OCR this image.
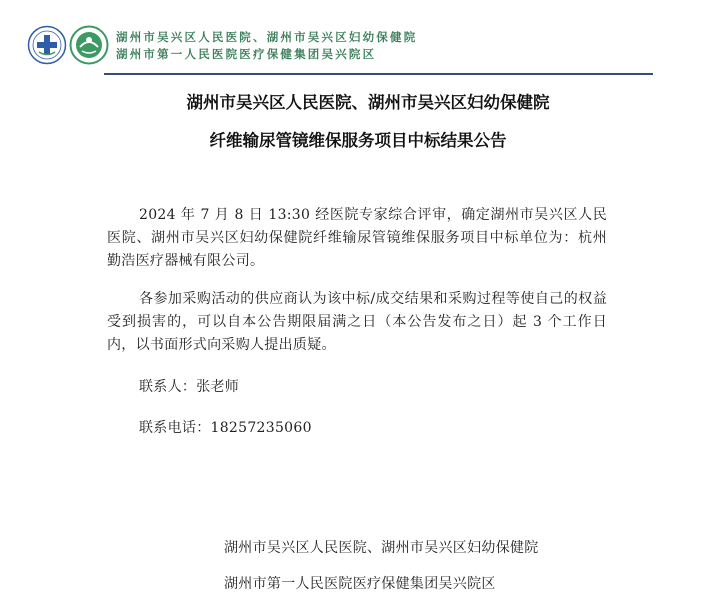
湖州市吴兴区人民医院、湖州市吴兴区妇幼保健院
湖州市第一人民医院医疗保健集团吴兴院区
湖州市吴兴区人民医院、湖州市吴兴区妇幼保健院
纤维输尿管镜维保服务项目中标结果公告
2024 年 7 月 8 日 13:30 经医院专家综合评审，确定湖州市吴兴区人民医院、湖州市吴兴区妇幼保健院纤维输尿管镜维保服务项目中标单位为：杭州勤浩医疗器械有限公司。
各参加采购活动的供应商认为该中标/成交结果和采购过程等使自己的权益受到损害的，可以自本公告期限届满之日（本公告发布之日）起 3 个工作日内，以书面形式向采购人提出质疑。
联系人：张老师
联系电话：18257235060
湖州市吴兴区人民医院、湖州市吴兴区妇幼保健院
湖州市第一人民医院医疗保健集团吴兴院区
